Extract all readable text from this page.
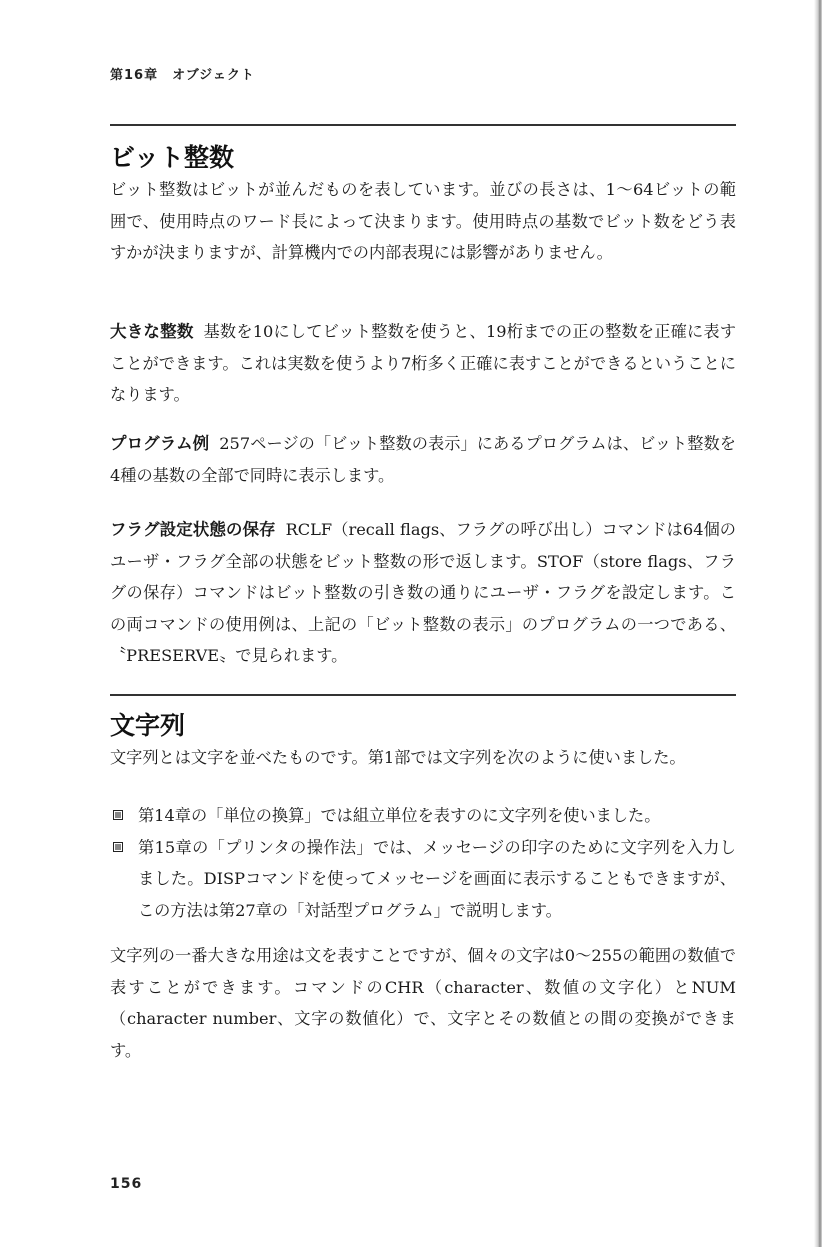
第16章　オブジェクト
ビット整数

ビット整数はビットが並んだものを表しています。並びの長さは、1～64ビットの範囲で、使用時点のワード長によって決まります。使用時点の基数でビット数をどう表すかが決まりますが、計算機内での内部表現には影響がありません。

大きな整数 基数を10にしてビット整数を使うと、19桁までの正の整数を正確に表すことができます。これは実数を使うより7桁多く正確に表すことができるということになります。

プログラム例 257ページの「ビット整数の表示」にあるプログラムは、ビット整数を4種の基数の全部で同時に表示します。

フラグ設定状態の保存 RCLF（recall flags、フラグの呼び出し）コマンドは64個のユーザ・フラグ全部の状態をビット整数の形で返します。STOF（store flags、フラグの保存）コマンドはビット整数の引き数の通りにユーザ・フラグを設定します。この両コマンドの使用例は、上記の「ビット整数の表示」のプログラムの一つである、〝PRESERVE〟で見られます。

文字列

文字列とは文字を並べたものです。第1部では文字列を次のように使いました。

第14章の「単位の換算」では組立単位を表すのに文字列を使いました。
第15章の「プリンタの操作法」では、メッセージの印字のために文字列を入力しました。DISPコマンドを使ってメッセージを画面に表示することもできますが、この方法は第27章の「対話型プログラム」で説明します。

文字列の一番大きな用途は文を表すことですが、個々の文字は0～255の範囲の数値で表すことができます。コマンドのCHR（character、数値の文字化）とNUM（character number、文字の数値化）で、文字とその数値との間の変換ができます。

156
